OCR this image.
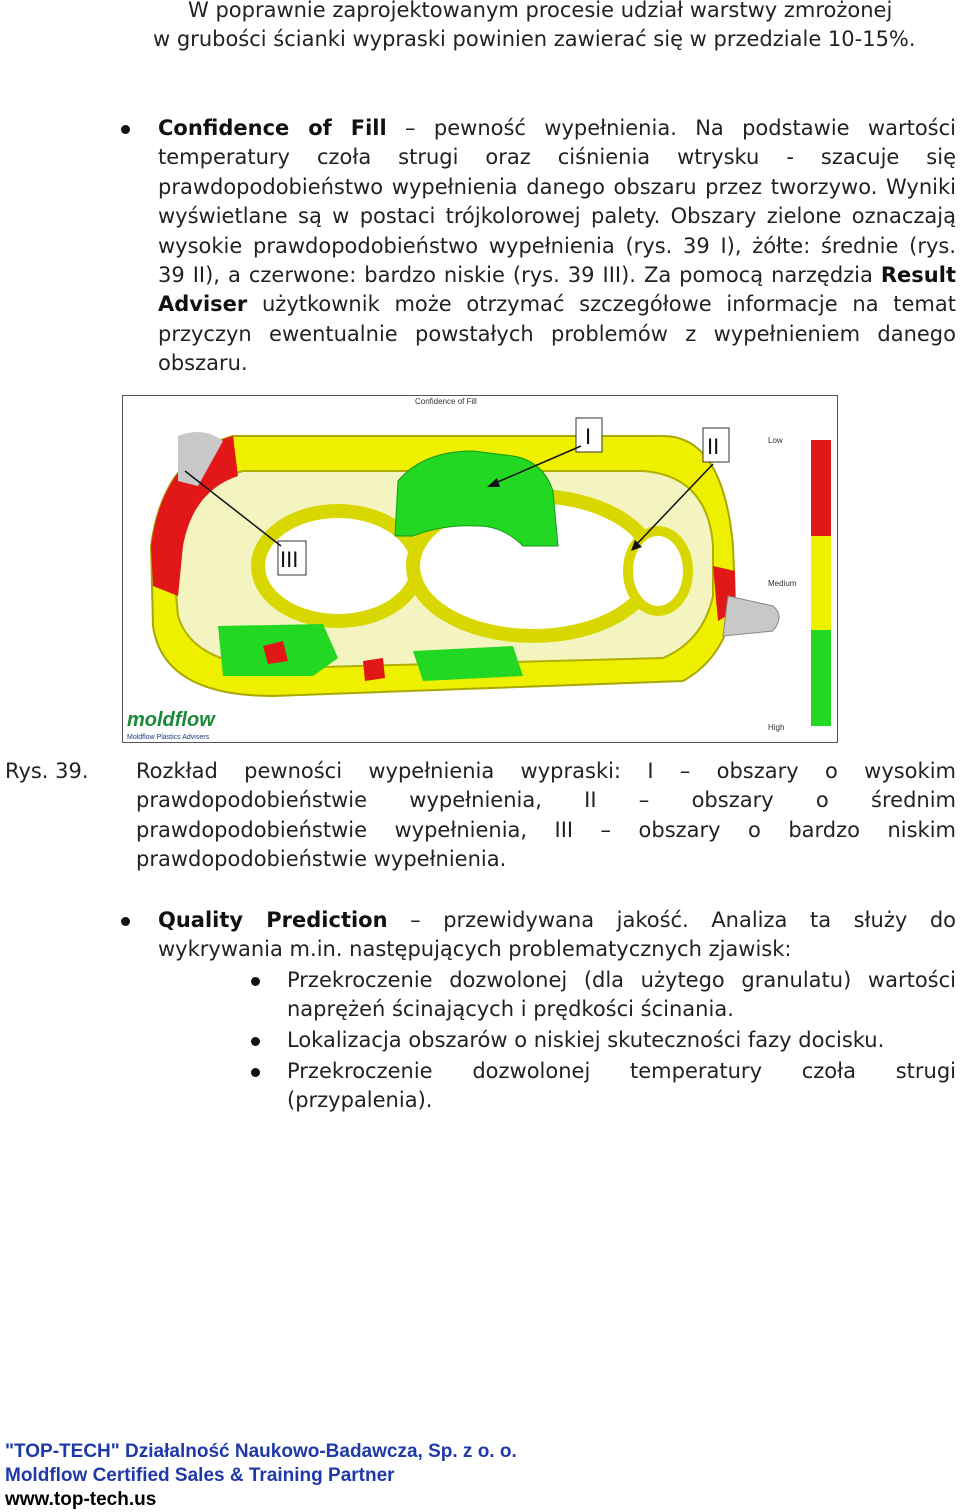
W poprawnie zaprojektowanym procesie udział warstwy zmrożonej
w grubości ścianki wypraski powinien zawierać się w przedziale 10-15%.
Confidence of Fill – pewność wypełnienia. Na podstawie wartości temperatury czoła strugi oraz ciśnienia wtrysku - szacuje się prawdopodobieństwo wypełnienia danego obszaru przez tworzywo. Wyniki wyświetlane są w postaci trójkolorowej palety. Obszary zielone oznaczają wysokie prawdopodobieństwo wypełnienia (rys. 39 I), żółte: średnie (rys. 39 II), a czerwone: bardzo niskie (rys. 39 III). Za pomocą narzędzia Result Adviser użytkownik może otrzymać szczegółowe informacje na temat przyczyn ewentualnie powstałych problemów z wypełnieniem danego obszaru.
Confidence of Fill
I	II
III
Low
Medium
High
moldflow
Moldflow Plastics Advisers
Rys. 39. Rozkład pewności wypełnienia wypraski: I – obszary o wysokim prawdopodobieństwie wypełnienia, II – obszary o średnim prawdopodobieństwie wypełnienia, III – obszary o bardzo niskim prawdopodobieństwie wypełnienia.
Quality Prediction – przewidywana jakość. Analiza ta służy do wykrywania m.in. następujących problematycznych zjawisk:
Przekroczenie dozwolonej (dla użytego granulatu) wartości naprężeń ścinających i prędkości ścinania.
Lokalizacja obszarów o niskiej skuteczności fazy docisku.
Przekroczenie dozwolonej temperatury czoła strugi (przypalenia).
"TOP-TECH" Działalność Naukowo-Badawcza, Sp. z o. o.
Moldflow Certified Sales & Training Partner
www.top-tech.us
